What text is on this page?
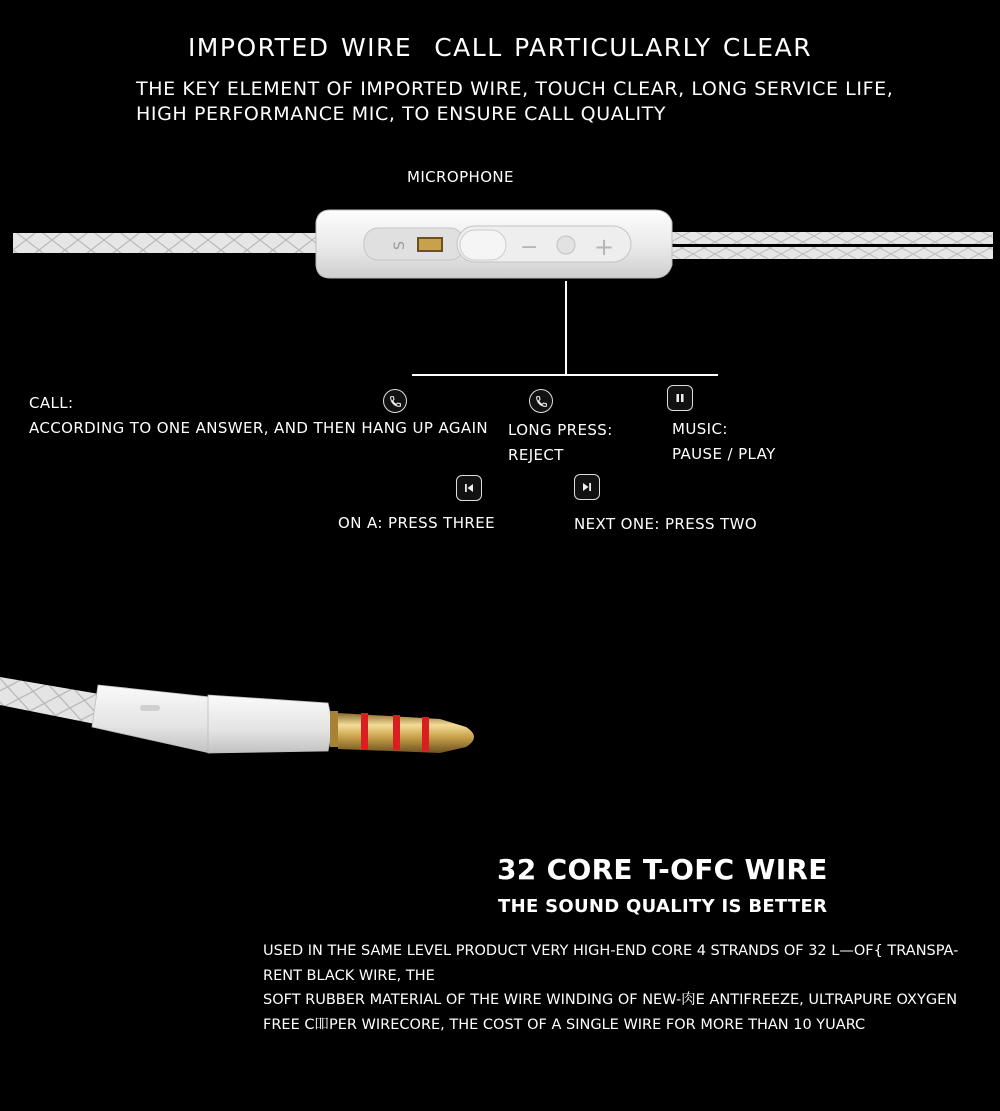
IMPORTED WIRE CALL PARTICULARLY CLEAR
THE KEY ELEMENT OF IMPORTED WIRE, TOUCH CLEAR, LONG SERVICE LIFE,
HIGH PERFORMANCE MIC, TO ENSURE CALL QUALITY
MICROPHONE
S	− +
CALL:
ACCORDING TO ONE ANSWER, AND THEN HANG UP AGAIN LONG PRESS:
REJECT
MUSIC:
PAUSE / PLAY
ON A: PRESS THREE	NEXT ONE: PRESS TWO
32 CORE T-OFC WIRE
THE SOUND QUALITY IS BETTER
USED IN THE SAME LEVEL PRODUCT VERY HIGH-END CORE 4 STRANDS OF 32 L—OF{ TRANSPA-
RENT BLACK WIRE, THE
SOFT RUBBER MATERIAL OF THE WIRE WINDING OF NEW-肉E ANTIFREEZE, ULTRAPURE OXYGEN
FREE C吅PER WIRECORE, THE COST OF A SINGLE WIRE FOR MORE THAN 10 YUARC
